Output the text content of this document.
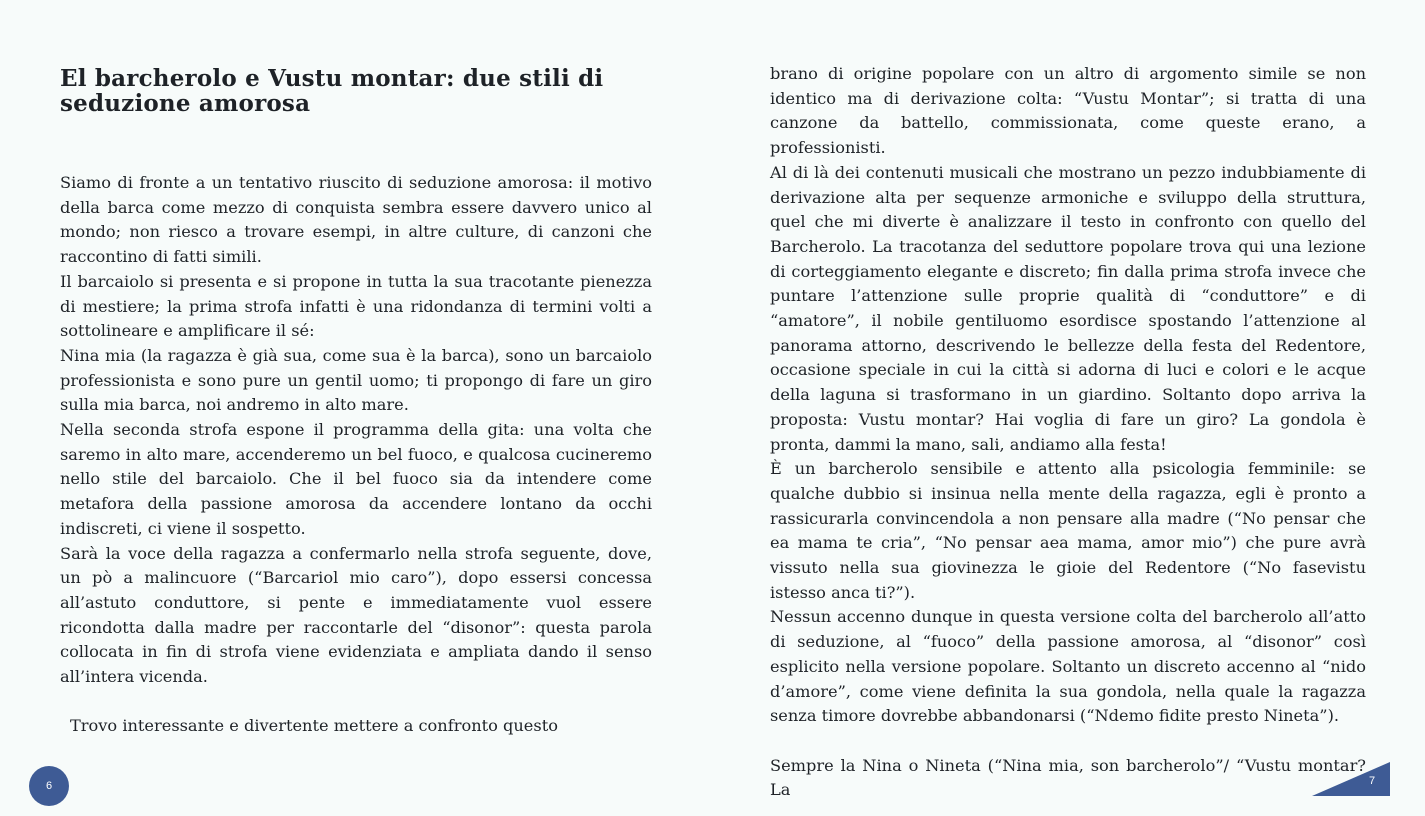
El barcherolo e Vustu montar: due stili di seduzione amorosa

Siamo di fronte a un tentativo riuscito di seduzione amorosa: il motivo della barca come mezzo di conquista sembra essere davvero unico al mondo; non riesco a trovare esempi, in altre culture, di canzoni che raccontino di fatti simili.

Il barcaiolo si presenta e si propone in tutta la sua tracotante pienezza di mestiere; la prima strofa infatti è una ridondanza di termini volti a sottolineare e amplificare il sé:

Nina mia (la ragazza è già sua, come sua è la barca), sono un barcaiolo professionista e sono pure un gentil uomo; ti propongo di fare un giro sulla mia barca, noi andremo in alto mare.

Nella seconda strofa espone il programma della gita: una volta che saremo in alto mare, accenderemo un bel fuoco, e qualcosa cucineremo nello stile del barcaiolo. Che il bel fuoco sia da intendere come metafora della passione amorosa da accendere lontano da occhi indiscreti, ci viene il sospetto.

Sarà la voce della ragazza a confermarlo nella strofa seguente, dove, un pò a malincuore (“Barcariol mio caro”), dopo essersi concessa all’astuto conduttore, si pente e immediatamente vuol essere ricondotta dalla madre per raccontarle del “disonor”: questa parola collocata in fin di strofa viene evidenziata e ampliata dando il senso all’intera vicenda.

Trovo interessante e divertente mettere a confronto questo

6

brano di origine popolare con un altro di argomento simile se non identico ma di derivazione colta: “Vustu Montar”; si tratta di una canzone da battello, commissionata, come queste erano, a professionisti.

Al di là dei contenuti musicali che mostrano un pezzo indubbiamente di derivazione alta per sequenze armoniche e sviluppo della struttura, quel che mi diverte è analizzare il testo in confronto con quello del Barcherolo. La tracotanza del seduttore popolare trova qui una lezione di corteggiamento elegante e discreto; fin dalla prima strofa invece che puntare l’attenzione sulle proprie qualità di “conduttore” e di “amatore”, il nobile gentiluomo esordisce spostando l’attenzione al panorama attorno, descrivendo le bellezze della festa del Redentore, occasione speciale in cui la città si adorna di luci e colori e le acque della laguna si trasformano in un giardino. Soltanto dopo arriva la proposta: Vustu montar? Hai voglia di fare un giro? La gondola è pronta, dammi la mano, sali, andiamo alla festa!

È un barcherolo sensibile e attento alla psicologia femminile: se qualche dubbio si insinua nella mente della ragazza, egli è pronto a rassicurarla convincendola a non pensare alla madre (“No pensar che ea mama te cria”, “No pensar aea mama, amor mio”) che pure avrà vissuto nella sua giovinezza le gioie del Redentore (“No fasevistu istesso anca ti?”).

Nessun accenno dunque in questa versione colta del barcherolo all’atto di seduzione, al “fuoco” della passione amorosa, al “disonor” così esplicito nella versione popolare. Soltanto un discreto accenno al “nido d’amore”, come viene definita la sua gondola, nella quale la ragazza senza timore dovrebbe abbandonarsi (“Ndemo fidite presto Nineta”).

Sempre la Nina o Nineta (“Nina mia, son barcherolo”/ “Vustu montar? La	7
